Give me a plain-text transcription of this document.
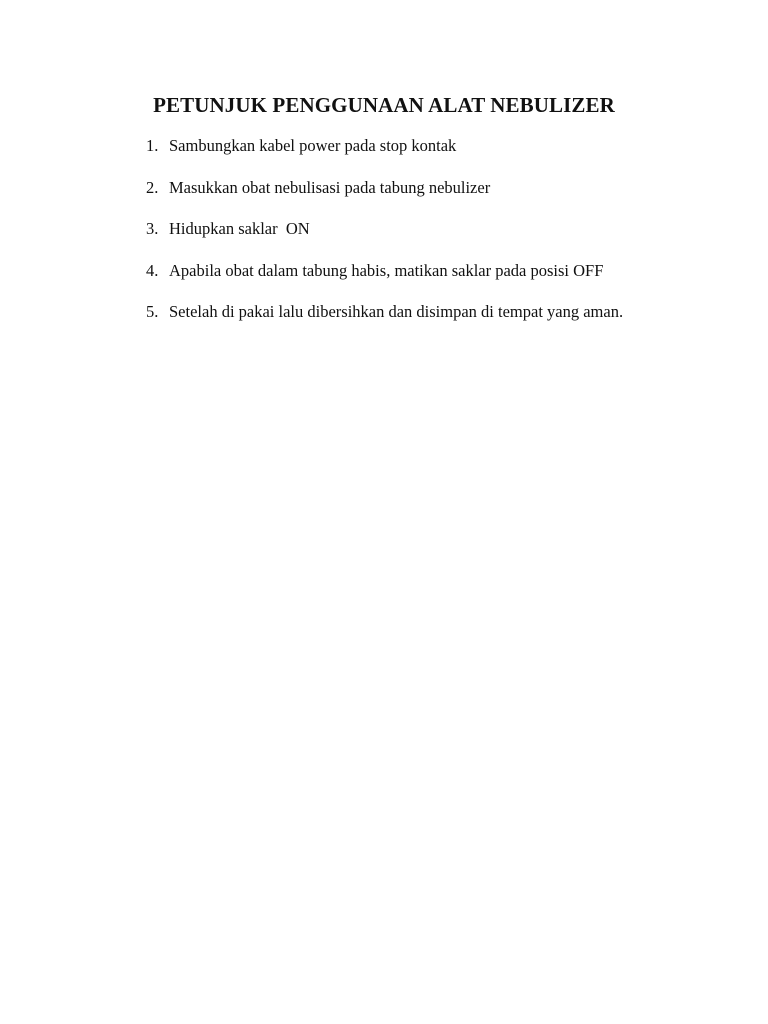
PETUNJUK PENGGUNAAN ALAT NEBULIZER
1. Sambungkan kabel power pada stop kontak
2. Masukkan obat nebulisasi pada tabung nebulizer
3. Hidupkan saklar  ON
4. Apabila obat dalam tabung habis, matikan saklar pada posisi OFF
5. Setelah di pakai lalu dibersihkan dan disimpan di tempat yang aman.
